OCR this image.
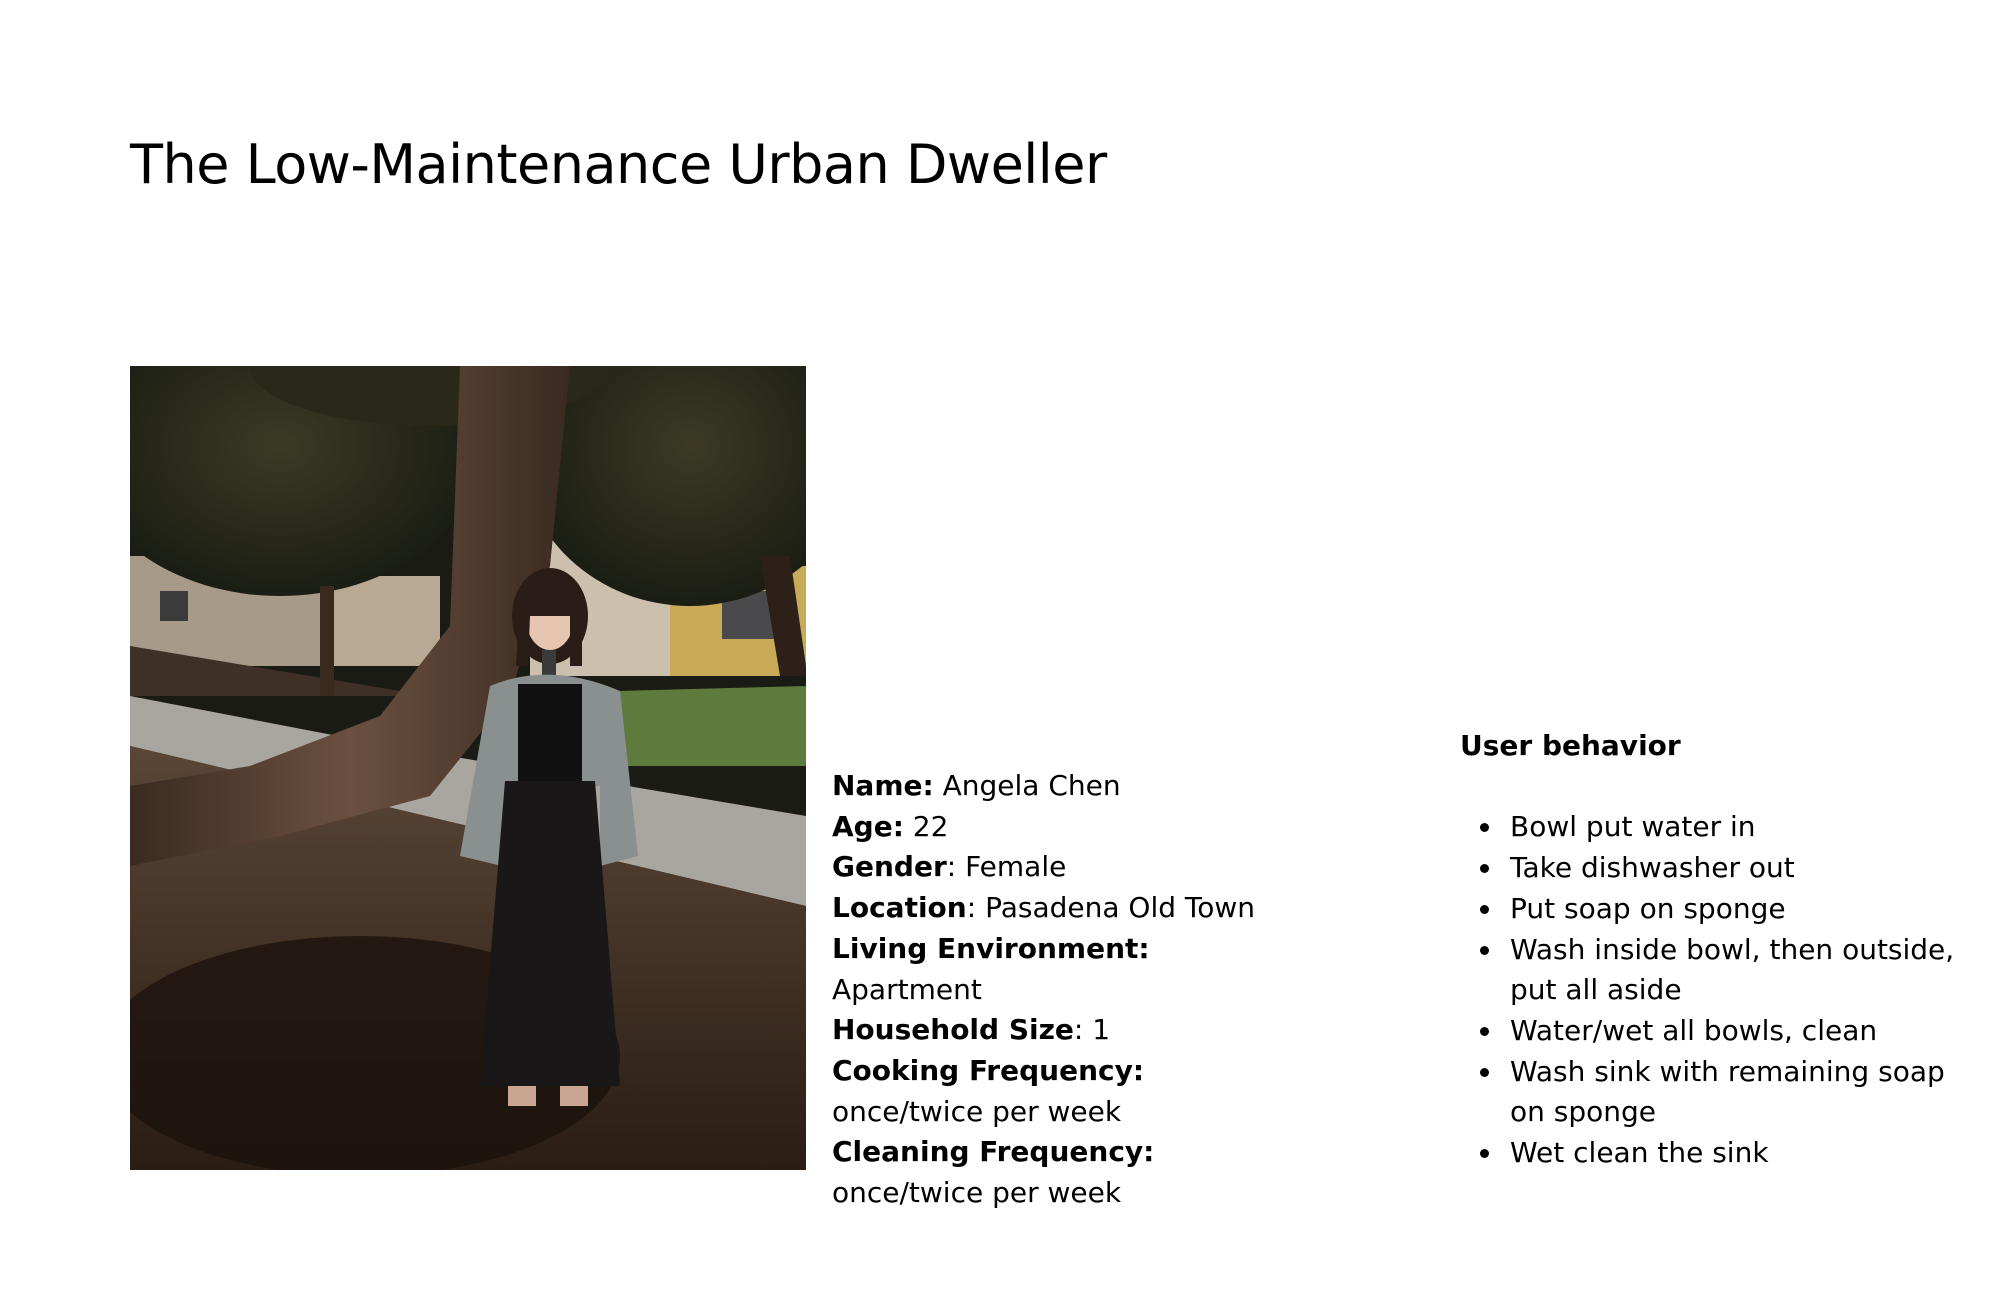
The Low-Maintenance Urban Dweller

Name: Angela Chen

Age: 22

Gender: Female

Location: Pasadena Old Town

Living Environment: Apartment

Household Size: 1

Cooking Frequency: once/twice per week

Cleaning Frequency: once/twice per week

User behavior
Bowl put water in
Take dishwasher out
Put soap on sponge
Wash inside bowl, then outside, put all aside
Water/wet all bowls, clean
Wash sink with remaining soap on sponge
Wet clean the sink
